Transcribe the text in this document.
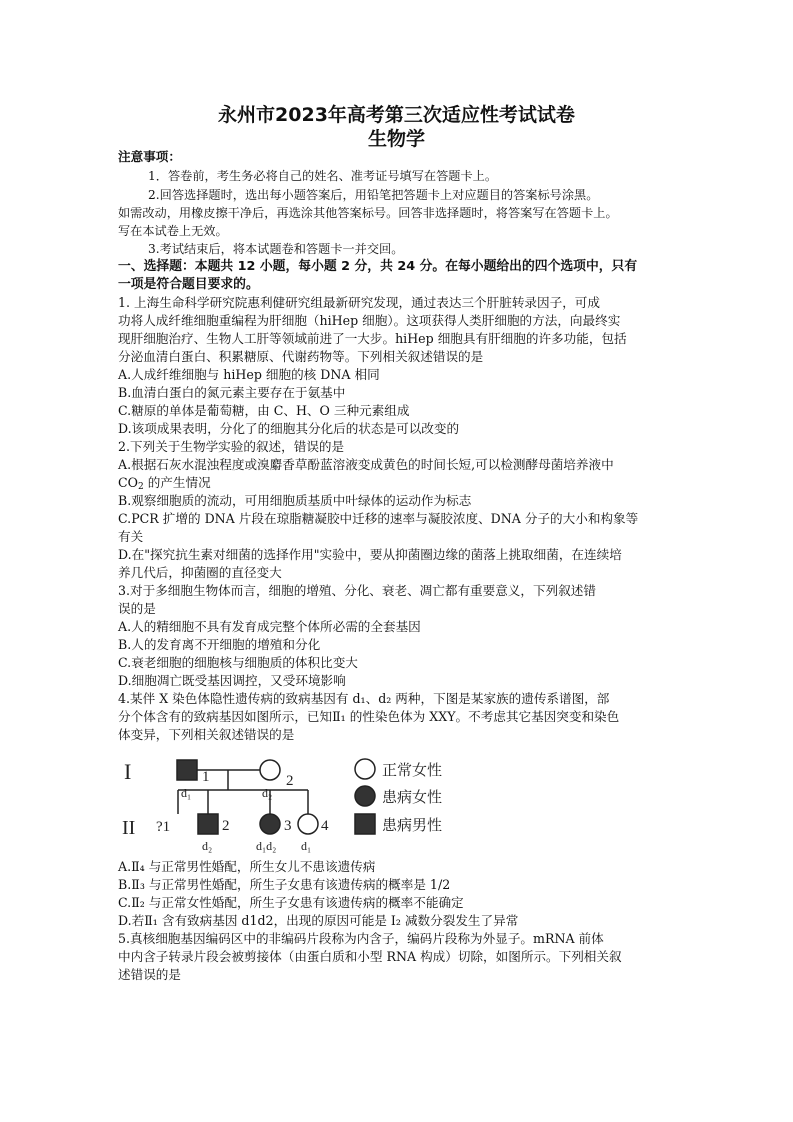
永州市2023年高考第三次适应性考试试卷
生物学
注意事项：
1．答卷前，考生务必将自己的姓名、准考证号填写在答题卡上。
2.回答选择题时，选出每小题答案后，用铅笔把答题卡上对应题目的答案标号涂黑。
如需改动，用橡皮擦干净后，再选涂其他答案标号。回答非选择题时，将答案写在答题卡上。
写在本试卷上无效。
3.考试结束后，将本试题卷和答题卡一并交回。
一、选择题：本题共 12 小题，每小题 2 分，共 24 分。在每小题给出的四个选项中，只有
一项是符合题目要求的。
1. 上海生命科学研究院惠利健研究组最新研究发现，通过表达三个肝脏转录因子，可成
功将人成纤维细胞重编程为肝细胞（hiHep 细胞）。这项获得人类肝细胞的方法，向最终实
现肝细胞治疗、生物人工肝等领域前进了一大步。hiHep 细胞具有肝细胞的许多功能，包括
分泌血清白蛋白、积累糖原、代谢药物等。下列相关叙述错误的是
A.人成纤维细胞与 hiHep 细胞的核 DNA 相同
B.血清白蛋白的氮元素主要存在于氨基中
C.糖原的单体是葡萄糖，由 C、H、O 三种元素组成
D.该项成果表明，分化了的细胞其分化后的状态是可以改变的
2.下列关于生物学实验的叙述，错误的是
A.根据石灰水混浊程度或溴麝香草酚蓝溶液变成黄色的时间长短,可以检测酵母菌培养液中
$CO_2$ 的产生情况
B.观察细胞质的流动，可用细胞质基质中叶绿体的运动作为标志
C.PCR 扩增的 DNA 片段在琼脂糖凝胶中迁移的速率与凝胶浓度、DNA 分子的大小和构象等
有关
D.在"探究抗生素对细菌的选择作用"实验中，要从抑菌圈边缘的菌落上挑取细菌，在连续培
养几代后，抑菌圈的直径变大
3.对于多细胞生物体而言，细胞的增殖、分化、衰老、凋亡都有重要意义，下列叙述错
误的是
A.人的精细胞不具有发育成完整个体所必需的全套基因
B.人的发育离不开细胞的增殖和分化
C.衰老细胞的细胞核与细胞质的体积比变大
D.细胞凋亡既受基因调控，又受环境影响
4.某伴 X 染色体隐性遗传病的致病基因有 d₁、d₂ 两种，下图是某家族的遗传系谱图，部
分个体含有的致病基因如图所示，已知Ⅱ₁ 的性染色体为 XXY。不考虑其它基因突变和染色
体变异，下列相关叙述错误的是
I
II
1
d₁
2
d₂
?1	2
d₂
3
d₁d₂
4
d₁
正常女性
患病女性
患病男性
A.Ⅱ₄ 与正常男性婚配，所生女儿不患该遗传病
B.Ⅱ₃ 与正常男性婚配，所生子女患有该遗传病的概率是 1/2
C.Ⅱ₂ 与正常女性婚配，所生子女患有该遗传病的概率不能确定
D.若Ⅱ₁ 含有致病基因 d1d2，出现的原因可能是 I₂ 减数分裂发生了异常
5.真核细胞基因编码区中的非编码片段称为内含子，编码片段称为外显子。mRNA 前体
中内含子转录片段会被剪接体（由蛋白质和小型 RNA 构成）切除，如图所示。下列相关叙
述错误的是
